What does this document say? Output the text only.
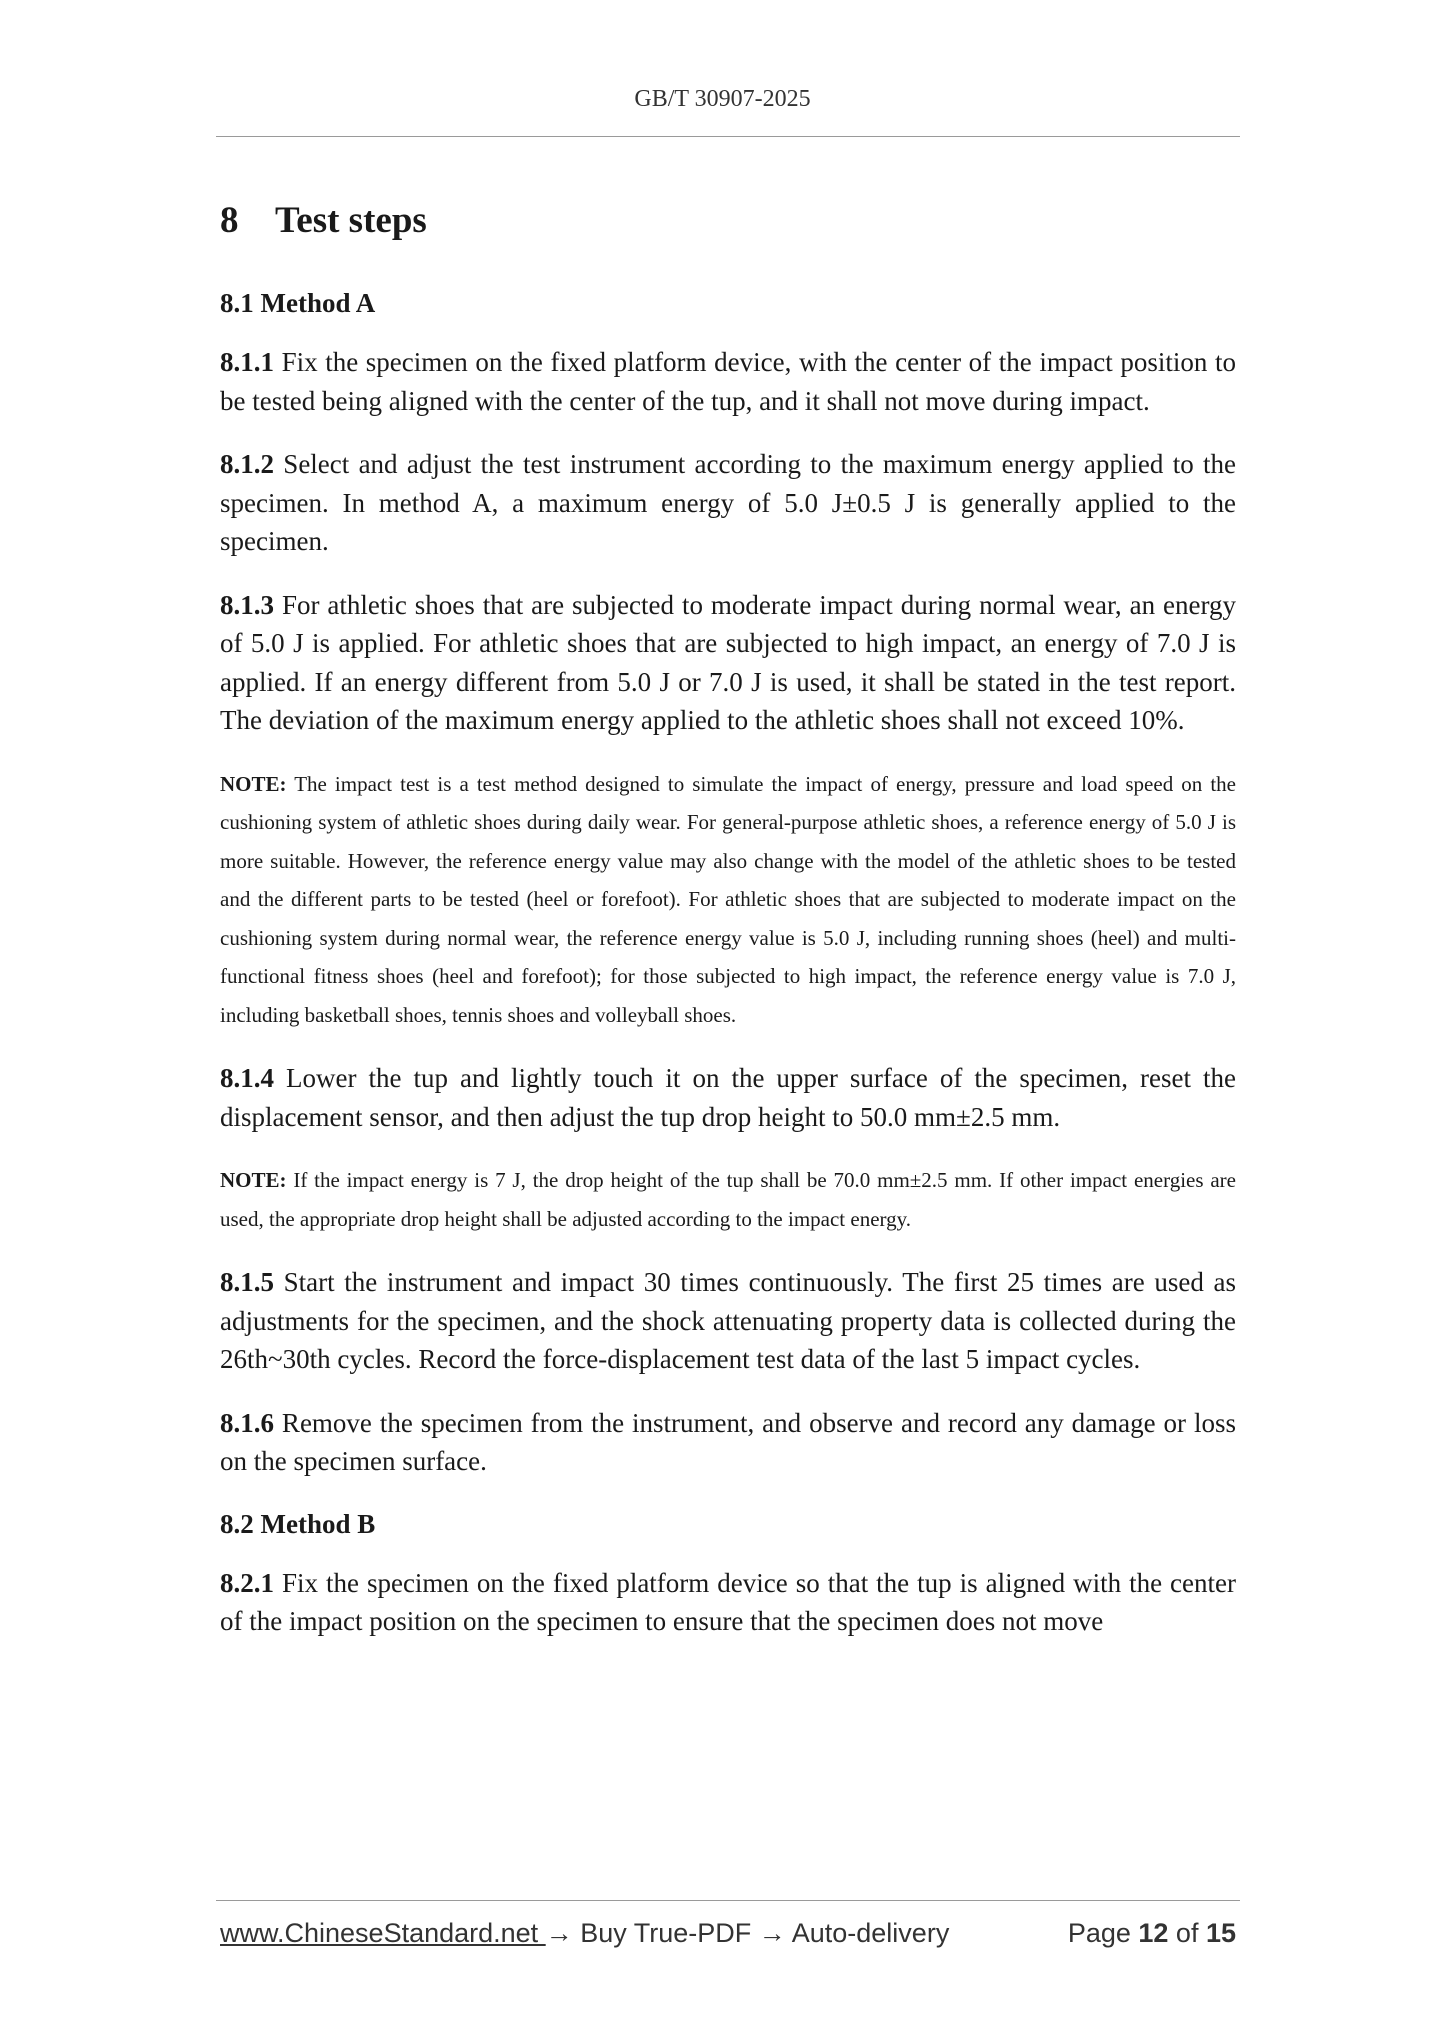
GB/T 30907-2025
8 Test steps
8.1 Method A

8.1.1 Fix the specimen on the fixed platform device, with the center of the impact position to be tested being aligned with the center of the tup, and it shall not move during impact.

8.1.2 Select and adjust the test instrument according to the maximum energy applied to the specimen. In method A, a maximum energy of 5.0 J±0.5 J is generally applied to the specimen.

8.1.3 For athletic shoes that are subjected to moderate impact during normal wear, an energy of 5.0 J is applied. For athletic shoes that are subjected to high impact, an energy of 7.0 J is applied. If an energy different from 5.0 J or 7.0 J is used, it shall be stated in the test report. The deviation of the maximum energy applied to the athletic shoes shall not exceed 10%.

NOTE: The impact test is a test method designed to simulate the impact of energy, pressure and load speed on the cushioning system of athletic shoes during daily wear. For general-purpose athletic shoes, a reference energy of 5.0 J is more suitable. However, the reference energy value may also change with the model of the athletic shoes to be tested and the different parts to be tested (heel or forefoot). For athletic shoes that are subjected to moderate impact on the cushioning system during normal wear, the reference energy value is 5.0 J, including running shoes (heel) and multi-functional fitness shoes (heel and forefoot); for those subjected to high impact, the reference energy value is 7.0 J, including basketball shoes, tennis shoes and volleyball shoes.

8.1.4 Lower the tup and lightly touch it on the upper surface of the specimen, reset the displacement sensor, and then adjust the tup drop height to 50.0 mm±2.5 mm.

NOTE: If the impact energy is 7 J, the drop height of the tup shall be 70.0 mm±2.5 mm. If other impact energies are used, the appropriate drop height shall be adjusted according to the impact energy.

8.1.5 Start the instrument and impact 30 times continuously. The first 25 times are used as adjustments for the specimen, and the shock attenuating property data is collected during the 26th~30th cycles. Record the force-displacement test data of the last 5 impact cycles.

8.1.6 Remove the specimen from the instrument, and observe and record any damage or loss on the specimen surface.

8.2 Method B

8.2.1 Fix the specimen on the fixed platform device so that the tup is aligned with the center of the impact position on the specimen to ensure that the specimen does not move

www.ChineseStandard.net → Buy True-PDF → Auto-delivery	Page 12 of 15
